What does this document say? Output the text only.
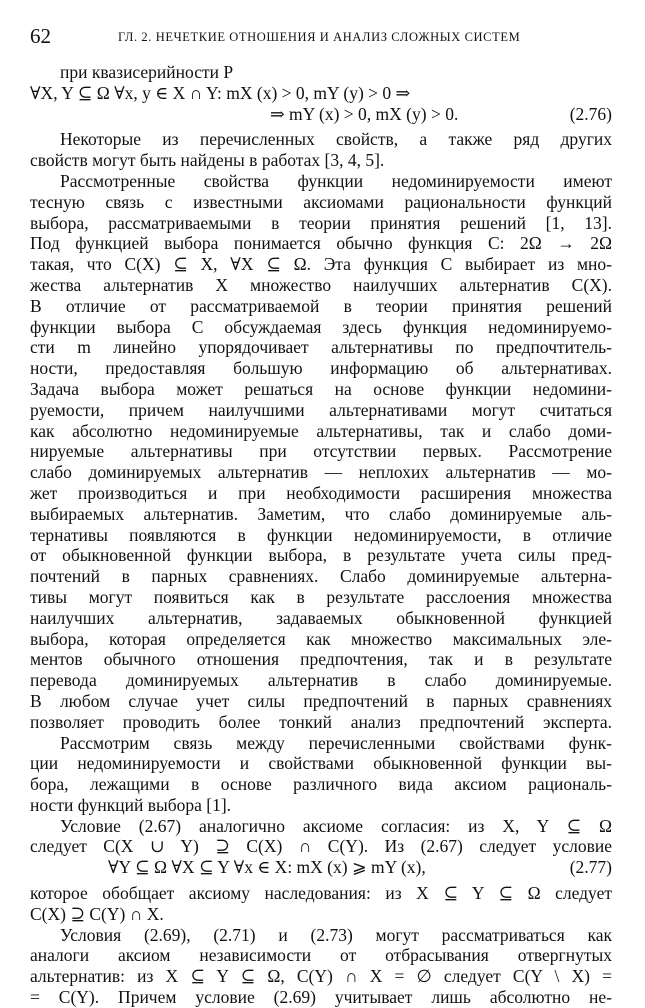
62	ГЛ. 2. НЕЧЕТКИЕ ОТНОШЕНИЯ И АНАЛИЗ СЛОЖНЫХ СИСТЕМ
при квазисерийности P
∀X, Y ⊆ Ω ∀x, y ∈ X ∩ Y: mX (x) > 0, mY (y) > 0 ⇒
⇒ mY (x) > 0, mX (y) > 0.	(2.76)
Некоторые из перечисленных свойств, а также ряд других
свойств могут быть найдены в работах [3, 4, 5].
Рассмотренные свойства функции недоминируемости имеют
тесную связь с известными аксиомами рациональности функций
выбора, рассматриваемыми в теории принятия решений [1, 13].
Под функцией выбора понимается обычно функция C: 2Ω → 2Ω
такая, что C(X) ⊆ X, ∀X ⊆ Ω. Эта функция C выбирает из мно-
жества альтернатив X множество наилучших альтернатив C(X).
В отличие от рассматриваемой в теории принятия решений
функции выбора C обсуждаемая здесь функция недоминируемо-
сти m линейно упорядочивает альтернативы по предпочтитель-
ности, предоставляя большую информацию об альтернативах.
Задача выбора может решаться на основе функции недомини-
руемости, причем наилучшими альтернативами могут считаться
как абсолютно недоминируемые альтернативы, так и слабо доми-
нируемые альтернативы при отсутствии первых. Рассмотрение
слабо доминируемых альтернатив — неплохих альтернатив — мо-
жет производиться и при необходимости расширения множества
выбираемых альтернатив. Заметим, что слабо доминируемые аль-
тернативы появляются в функции недоминируемости, в отличие
от обыкновенной функции выбора, в результате учета силы пред-
почтений в парных сравнениях. Слабо доминируемые альтерна-
тивы могут появиться как в результате расслоения множества
наилучших альтернатив, задаваемых обыкновенной функцией
выбора, которая определяется как множество максимальных эле-
ментов обычного отношения предпочтения, так и в результате
перевода доминируемых альтернатив в слабо доминируемые.
В любом случае учет силы предпочтений в парных сравнениях
позволяет проводить более тонкий анализ предпочтений эксперта.
Рассмотрим связь между перечисленными свойствами функ-
ции недоминируемости и свойствами обыкновенной функции вы-
бора, лежащими в основе различного вида аксиом рациональ-
ности функций выбора [1].
Условие (2.67) аналогично аксиоме согласия: из X, Y ⊆ Ω
следует C(X ∪ Y) ⊇ C(X) ∩ C(Y). Из (2.67) следует условие
∀Y ⊆ Ω ∀X ⊆ Y ∀x ∈ X: mX (x) ⩾ mY (x),	(2.77)
которое обобщает аксиому наследования: из X ⊆ Y ⊆ Ω следует
C(X) ⊇ C(Y) ∩ X.
Условия (2.69), (2.71) и (2.73) могут рассматриваться как
аналоги аксиом независимости от отбрасывания отвергнутых
альтернатив: из X ⊆ Y ⊆ Ω, C(Y) ∩ X = ∅ следует C(Y \ X) =
= C(Y). Причем условие (2.69) учитывает лишь абсолютно не-
